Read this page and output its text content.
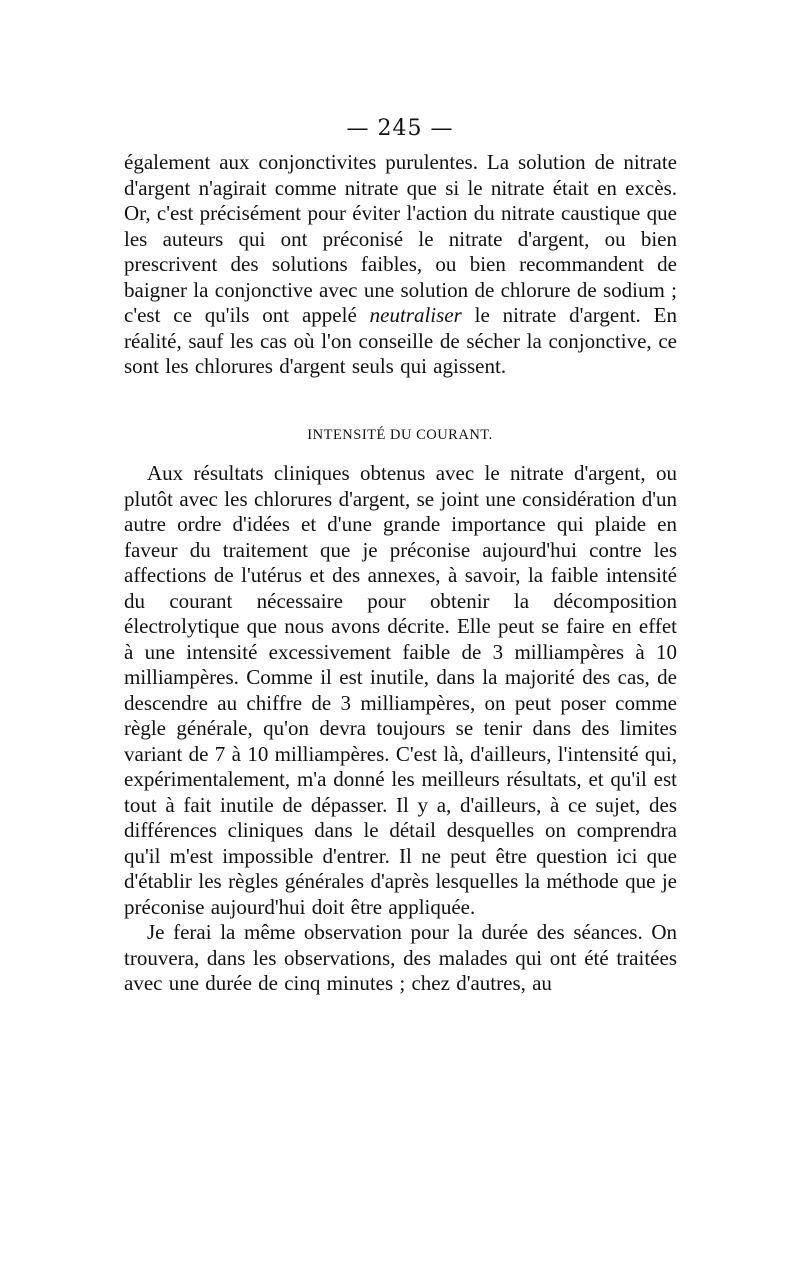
— 245 —

également aux conjonctivites purulentes. La solution de nitrate d'argent n'agirait comme nitrate que si le nitrate était en excès. Or, c'est précisément pour éviter l'action du nitrate caustique que les auteurs qui ont préconisé le nitrate d'argent, ou bien prescrivent des solutions faibles, ou bien recommandent de baigner la conjonctive avec une solution de chlorure de sodium ; c'est ce qu'ils ont appelé neutraliser le nitrate d'argent. En réalité, sauf les cas où l'on conseille de sécher la conjonctive, ce sont les chlorures d'argent seuls qui agissent.

INTENSITÉ DU COURANT.

Aux résultats cliniques obtenus avec le nitrate d'argent, ou plutôt avec les chlorures d'argent, se joint une considération d'un autre ordre d'idées et d'une grande importance qui plaide en faveur du traitement que je préconise aujourd'hui contre les affections de l'utérus et des annexes, à savoir, la faible intensité du courant nécessaire pour obtenir la décomposition électrolytique que nous avons décrite. Elle peut se faire en effet à une intensité excessivement faible de 3 milliampères à 10 milliampères. Comme il est inutile, dans la majorité des cas, de descendre au chiffre de 3 milliampères, on peut poser comme règle générale, qu'on devra toujours se tenir dans des limites variant de 7 à 10 milliampères. C'est là, d'ailleurs, l'intensité qui, expérimentalement, m'a donné les meilleurs résultats, et qu'il est tout à fait inutile de dépasser. Il y a, d'ailleurs, à ce sujet, des différences cliniques dans le détail desquelles on comprendra qu'il m'est impossible d'entrer. Il ne peut être question ici que d'établir les règles générales d'après lesquelles la méthode que je préconise aujourd'hui doit être appliquée.

Je ferai la même observation pour la durée des séances. On trouvera, dans les observations, des malades qui ont été traitées avec une durée de cinq minutes ; chez d'autres, au
